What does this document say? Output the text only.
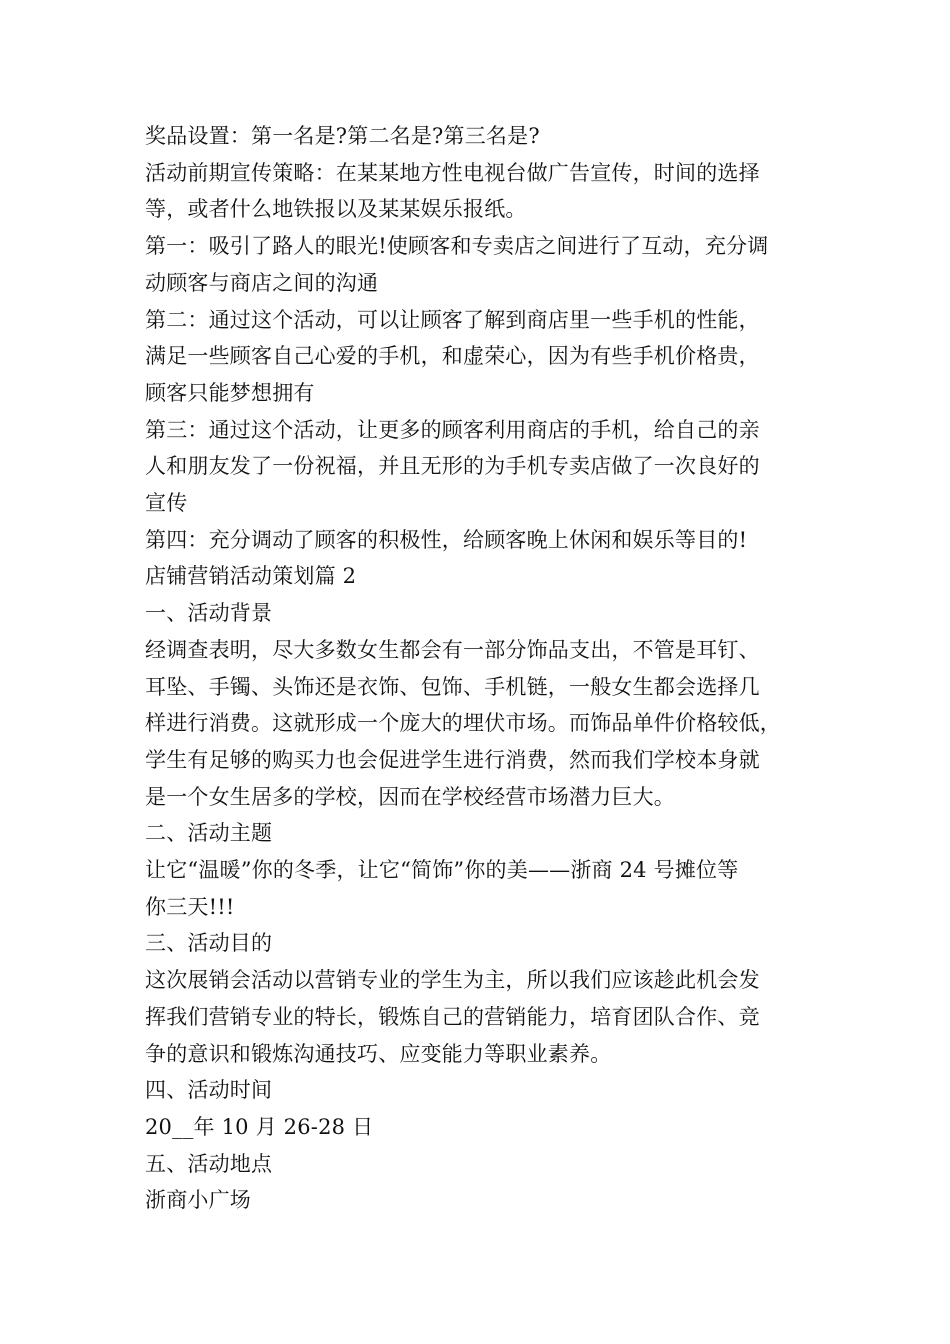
奖品设置：第一名是?第二名是?第三名是?
活动前期宣传策略：在某某地方性电视台做广告宣传，时间的选择
等，或者什么地铁报以及某某娱乐报纸。
第一：吸引了路人的眼光!使顾客和专卖店之间进行了互动，充分调
动顾客与商店之间的沟通
第二：通过这个活动，可以让顾客了解到商店里一些手机的性能，
满足一些顾客自己心爱的手机，和虚荣心，因为有些手机价格贵，
顾客只能梦想拥有
第三：通过这个活动，让更多的顾客利用商店的手机，给自己的亲
人和朋友发了一份祝福，并且无形的为手机专卖店做了一次良好的
宣传
第四：充分调动了顾客的积极性，给顾客晚上休闲和娱乐等目的!
店铺营销活动策划篇 2
一、活动背景
经调查表明，尽大多数女生都会有一部分饰品支出，不管是耳钉、
耳坠、手镯、头饰还是衣饰、包饰、手机链，一般女生都会选择几
样进行消费。这就形成一个庞大的埋伏市场。而饰品单件价格较低，
学生有足够的购买力也会促进学生进行消费，然而我们学校本身就
是一个女生居多的学校，因而在学校经营市场潜力巨大。
二、活动主题
让它“温暖”你的冬季，让它“简饰”你的美——浙商 24 号摊位等
你三天!!!
三、活动目的
这次展销会活动以营销专业的学生为主，所以我们应该趁此机会发
挥我们营销专业的特长，锻炼自己的营销能力，培育团队合作、竞
争的意识和锻炼沟通技巧、应变能力等职业素养。
四、活动时间
20__年 10 月 26-28 日
五、活动地点
浙商小广场
